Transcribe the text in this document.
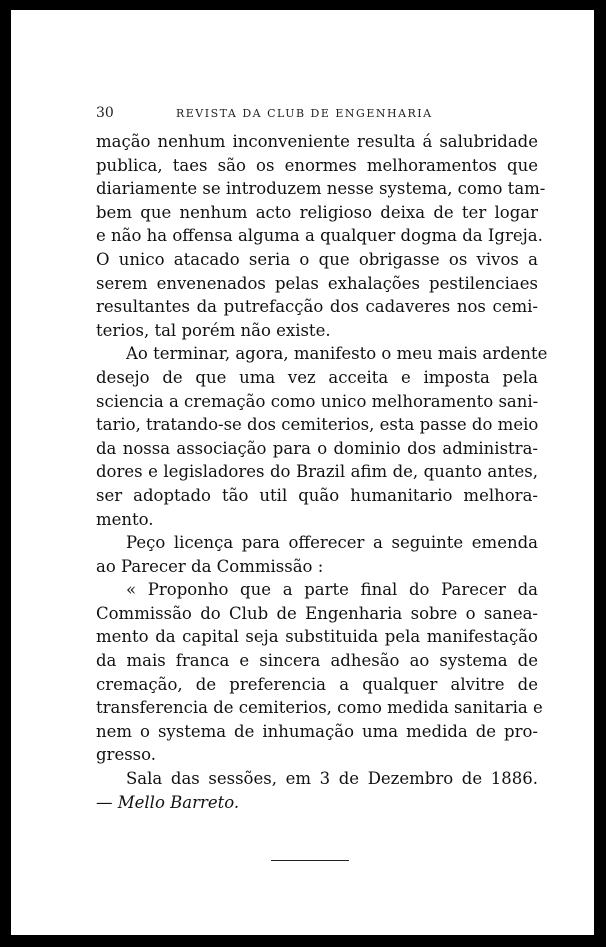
30	REVISTA DA CLUB DE ENGENHARIA
mação nenhum inconveniente resulta á salubridade
publica, taes são os enormes melhoramentos que
diariamente se introduzem nesse systema, como tam-
bem que nenhum acto religioso deixa de ter logar
e não ha offensa alguma a qualquer dogma da Igreja.
O unico atacado seria o que obrigasse os vivos a
serem envenenados pelas exhalações pestilenciaes
resultantes da putrefacção dos cadaveres nos cemi-
terios, tal porém não existe.
Ao terminar, agora, manifesto o meu mais ardente
desejo de que uma vez acceita e imposta pela
sciencia a cremação como unico melhoramento sani-
tario, tratando-se dos cemiterios, esta passe do meio
da nossa associação para o dominio dos administra-
dores e legisladores do Brazil afim de, quanto antes,
ser adoptado tão util quão humanitario melhora-
mento.
Peço licença para offerecer a seguinte emenda
ao Parecer da Commissão :
« Proponho que a parte final do Parecer da
Commissão do Club de Engenharia sobre o sanea-
mento da capital seja substituida pela manifestação
da mais franca e sincera adhesão ao systema de
cremação, de preferencia a qualquer alvitre de
transferencia de cemiterios, como medida sanitaria e
nem o systema de inhumação uma medida de pro-
gresso.
Sala das sessões, em 3 de Dezembro de 1886.
— Mello Barreto.
